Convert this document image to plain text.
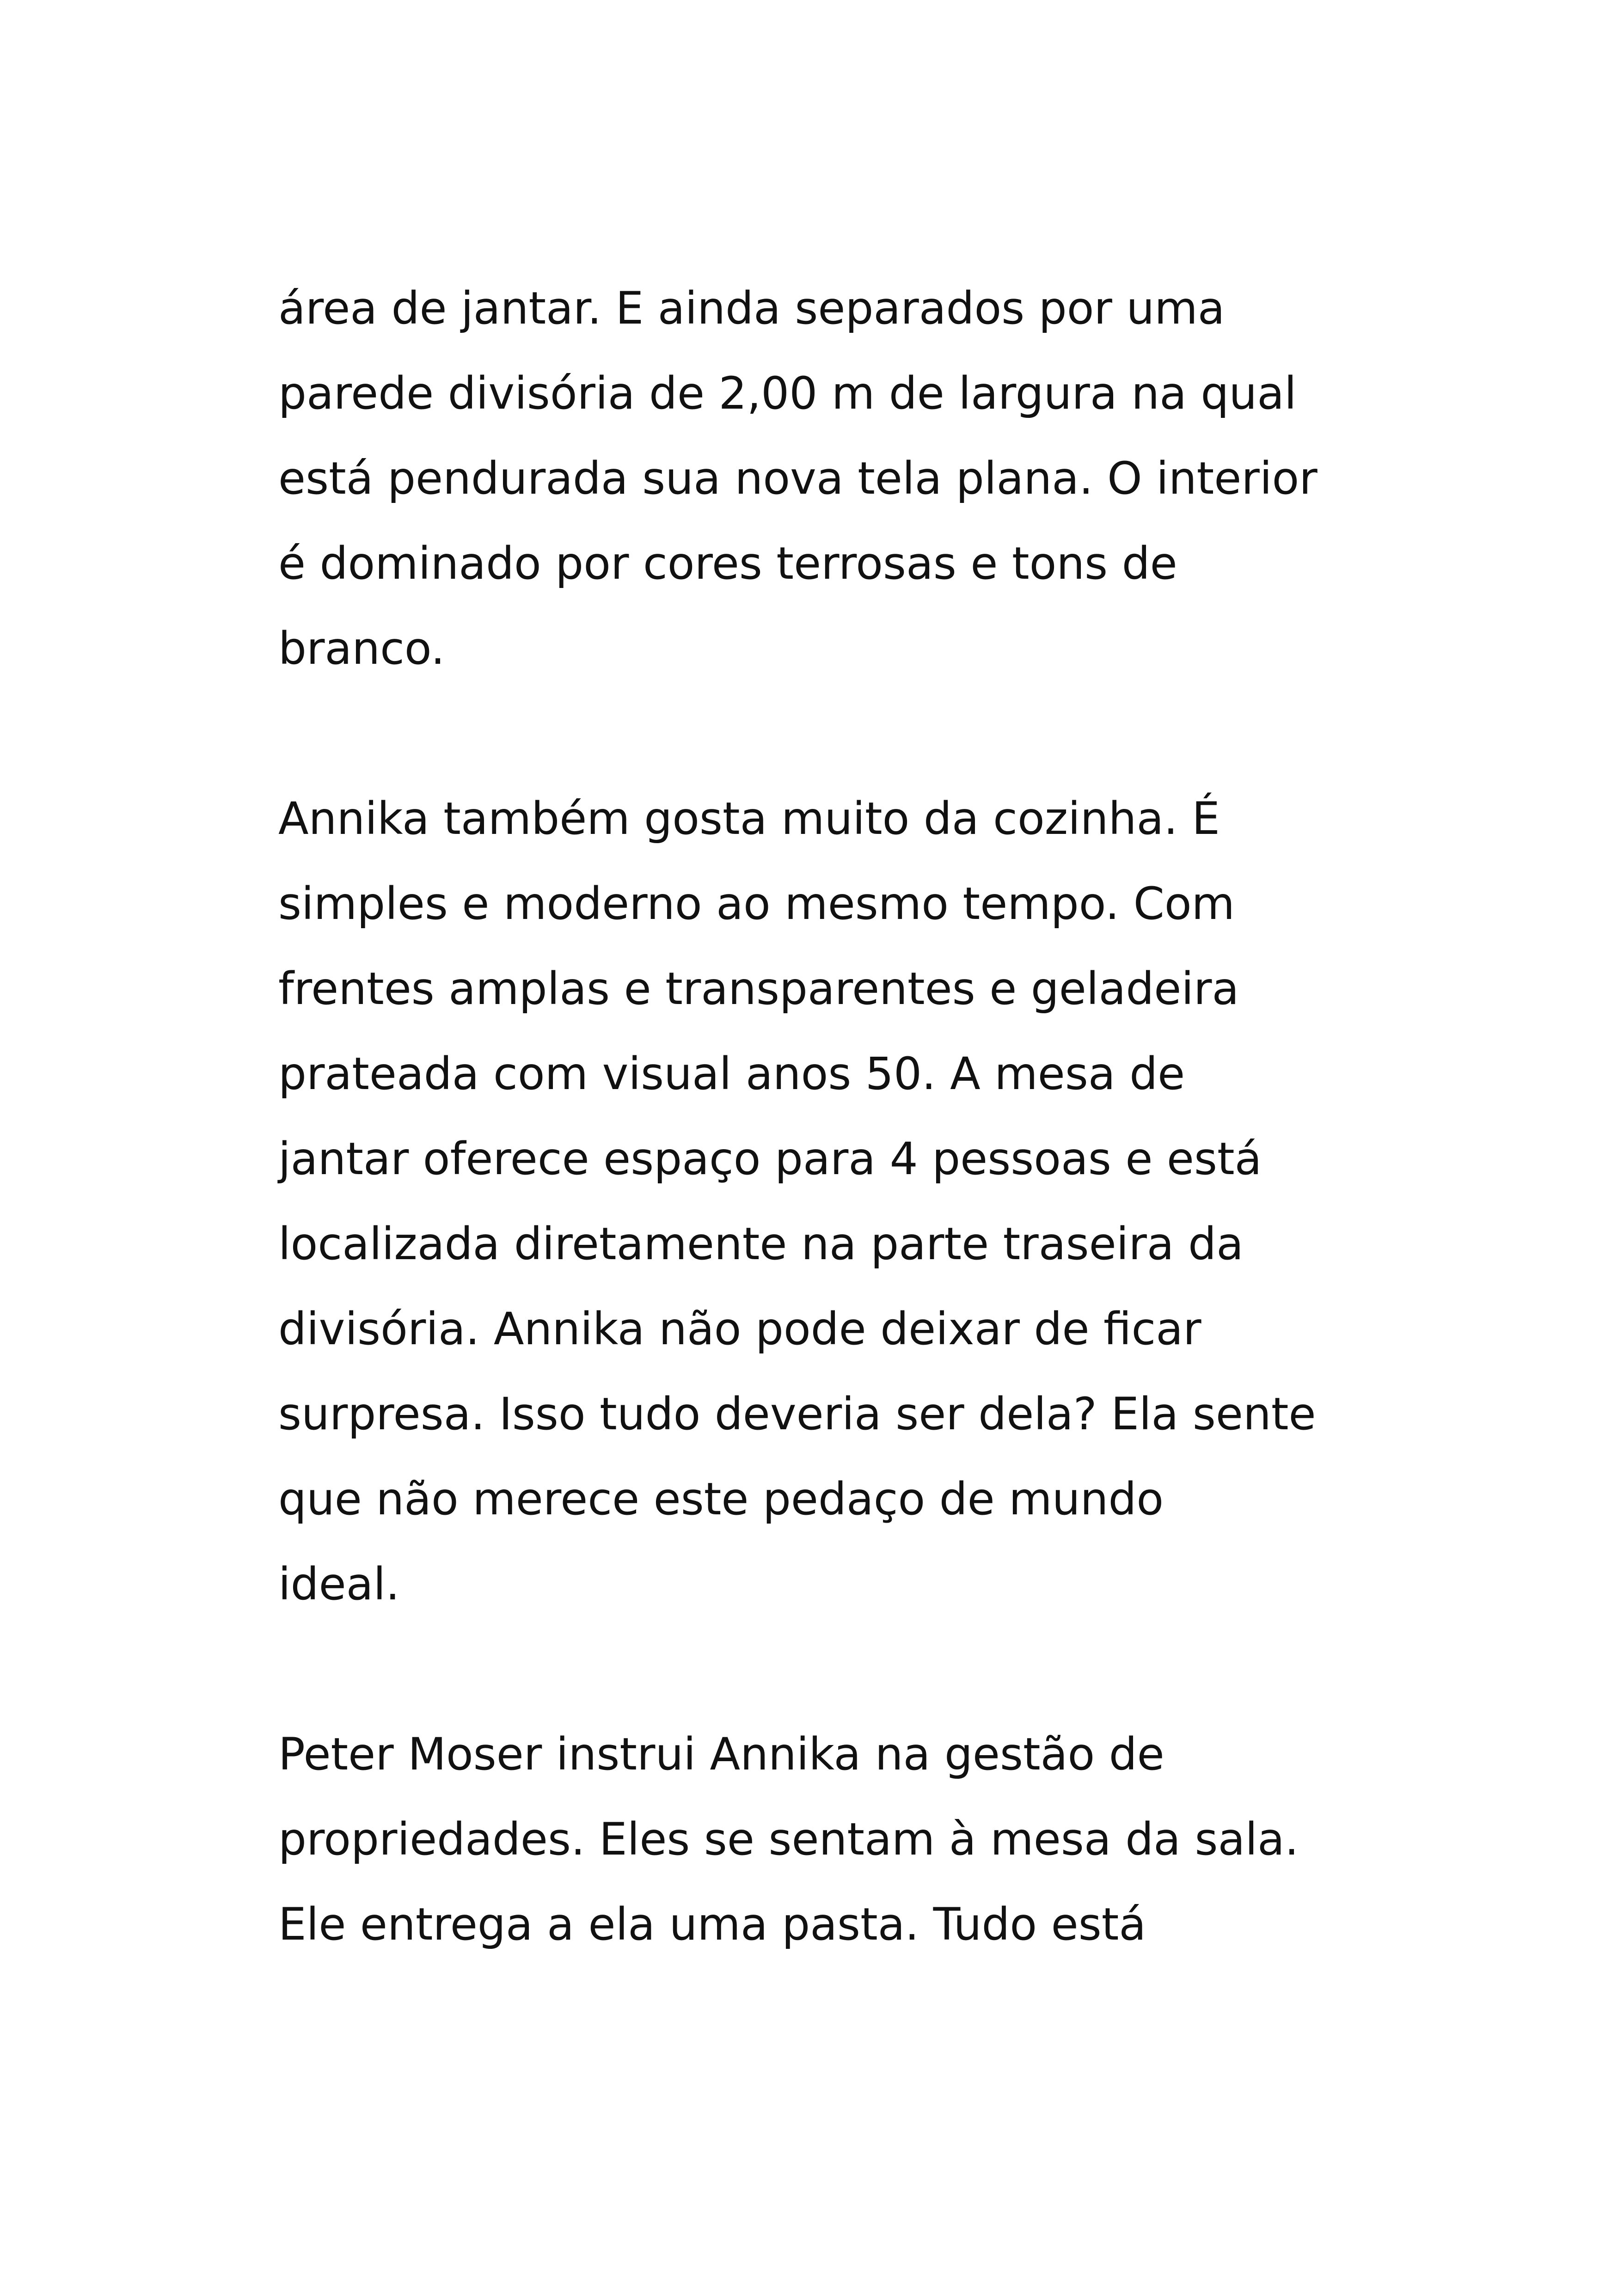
área de jantar. E ainda separados por uma
parede divisória de 2,00 m de largura na qual
está pendurada sua nova tela plana. O interior
é dominado por cores terrosas e tons de
branco.

Annika também gosta muito da cozinha. É
simples e moderno ao mesmo tempo. Com
frentes amplas e transparentes e geladeira
prateada com visual anos 50. A mesa de
jantar oferece espaço para 4 pessoas e está
localizada diretamente na parte traseira da
divisória. Annika não pode deixar de ficar
surpresa. Isso tudo deveria ser dela? Ela sente
que não merece este pedaço de mundo
ideal.

Peter Moser instrui Annika na gestão de
propriedades. Eles se sentam à mesa da sala.
Ele entrega a ela uma pasta. Tudo está
